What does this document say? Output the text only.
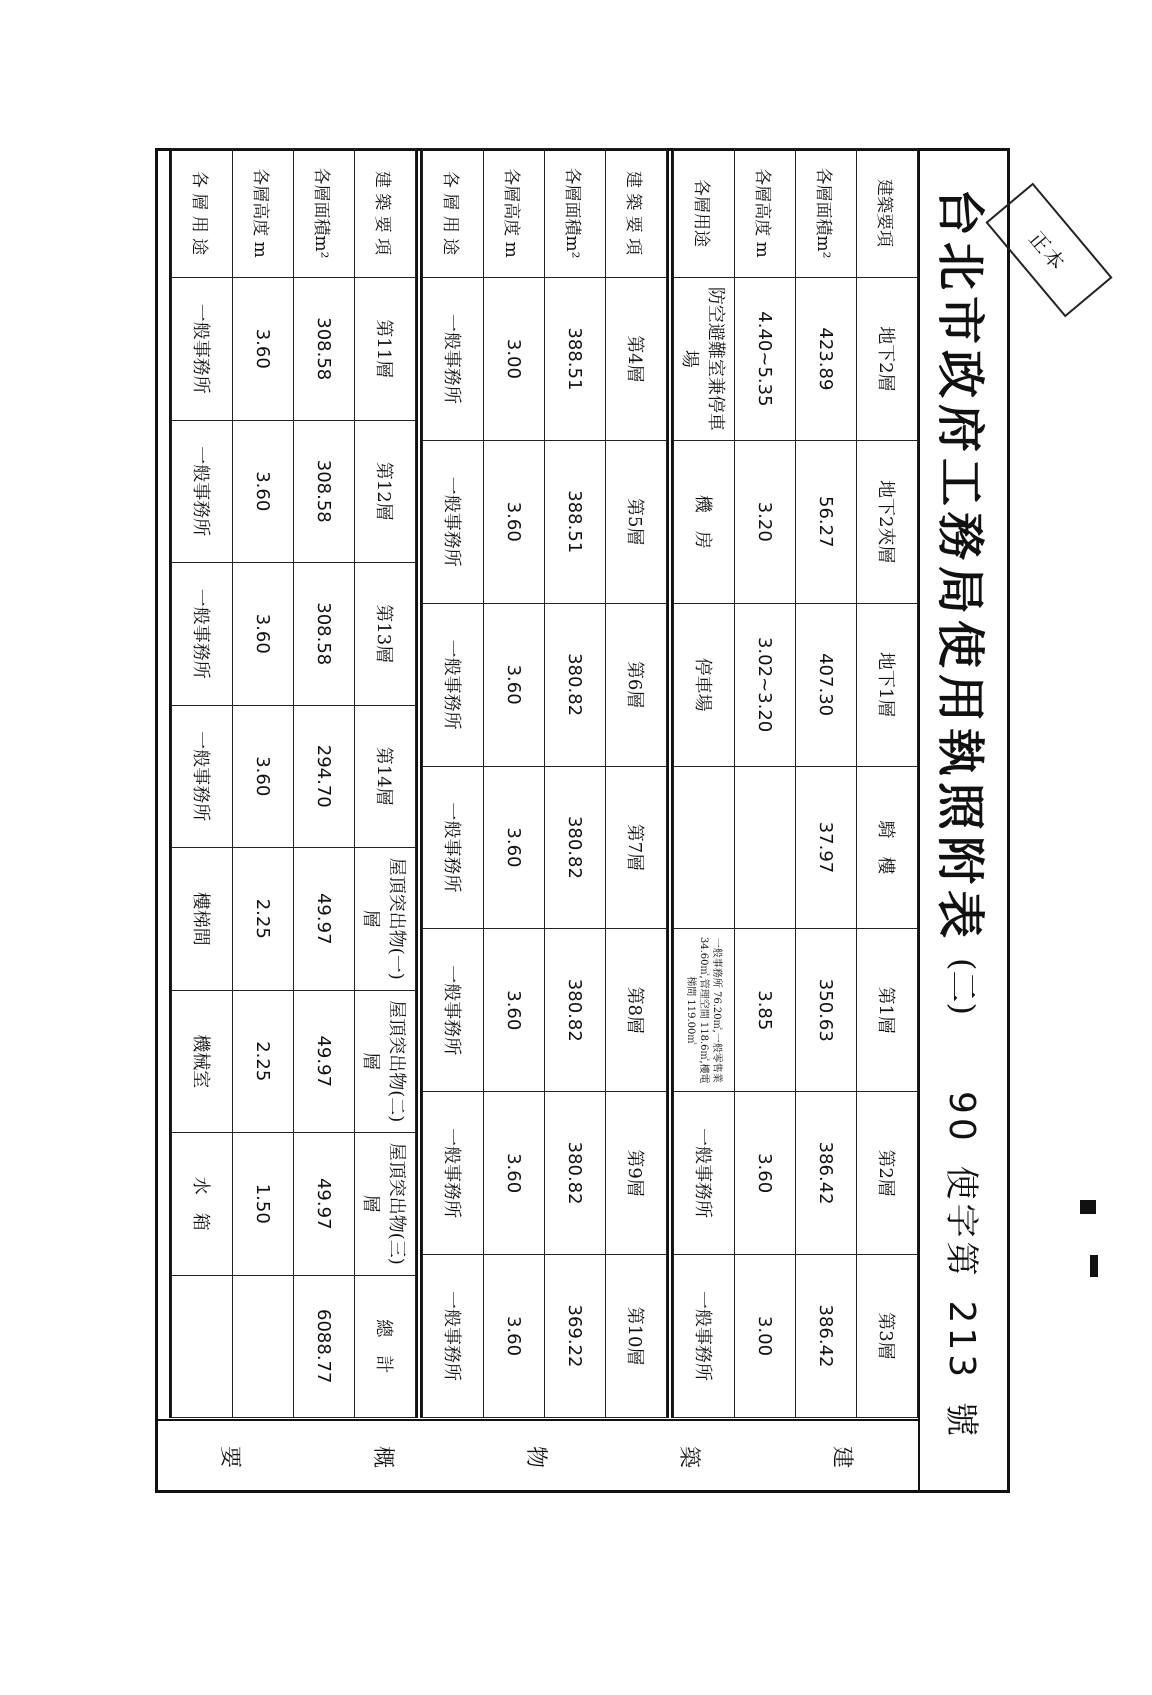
正本
台北市政府工務局使用執照附表
(二)
90 使字第 213 號
建築要項	地下2層	地下2夾層	地下1層	騎　樓	第1層	第2層	第3層
各層面積m²	423.89	56.27	407.30	37.97	350.63	386.42	386.42
各層高度 m	4.40~5.35	3.20	3.02~3.20		3.85	3.60	3.00
各層用途	防空避難室兼停車場	機　房	停車場		一般事務所 76.20㎡,一般零售業 34.60㎡,管理空間 118.6㎡,樓電梯間 119.00㎡	一般事務所	一般事務所
建 築 要 項	第4層	第5層	第6層	第7層	第8層	第9層	第10層
各層面積m²	388.51	388.51	380.82	380.82	380.82	380.82	369.22
各層高度 m	3.00	3.60	3.60	3.60	3.60	3.60	3.60
各 層 用 途	一般事務所	一般事務所	一般事務所	一般事務所	一般事務所	一般事務所	一般事務所
建 築 要 項	第11層	第12層	第13層	第14層	屋頂突出物(一)層	屋頂突出物(二)層	屋頂突出物(三)層	總　計
各層面積m²	308.58	308.58	308.58	294.70	49.97	49.97	49.97	6088.77
各層高度 m	3.60	3.60	3.60	3.60	2.25	2.25	1.50	
各 層 用 途	一般事務所	一般事務所	一般事務所	一般事務所	樓梯間	機械室	水　箱	
建
築
物
概
要
